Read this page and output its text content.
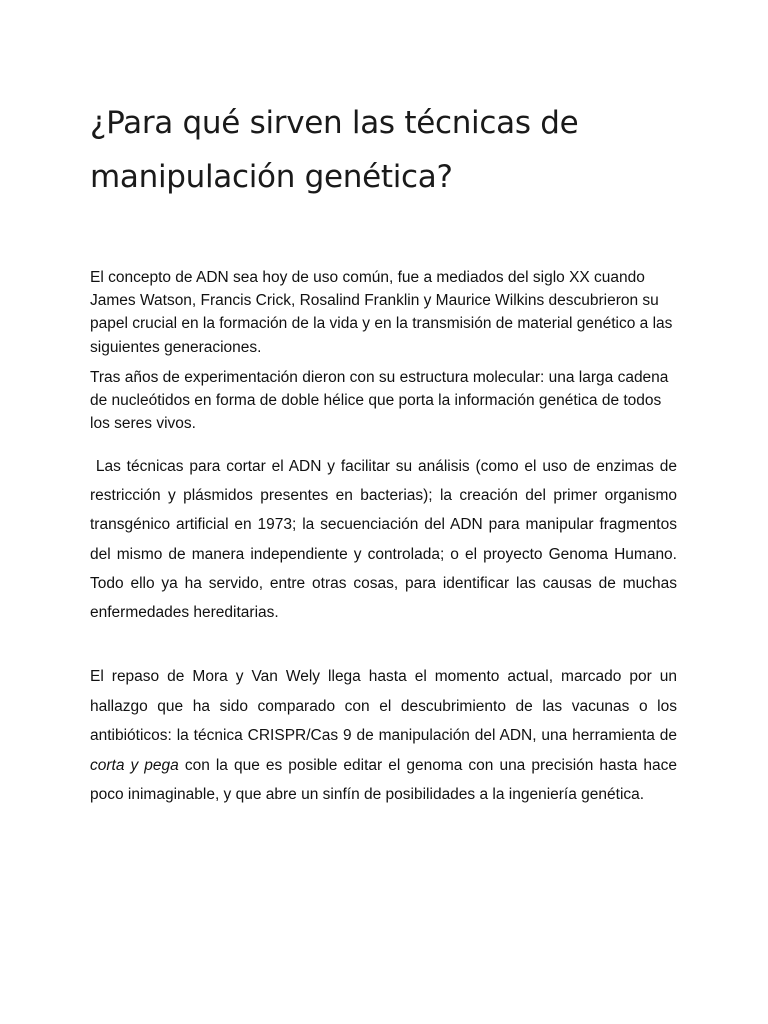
¿Para qué sirven las técnicas de manipulación genética?

El concepto de ADN sea hoy de uso común, fue a mediados del siglo XX cuando James Watson, Francis Crick, Rosalind Franklin y Maurice Wilkins descubrieron su papel crucial en la formación de la vida y en la transmisión de material genético a las siguientes generaciones.

Tras años de experimentación dieron con su estructura molecular: una larga cadena de nucleótidos en forma de doble hélice que porta la información genética de todos los seres vivos.

Las técnicas para cortar el ADN y facilitar su análisis (como el uso de enzimas de restricción y plásmidos presentes en bacterias); la creación del primer organismo transgénico artificial en 1973; la secuenciación del ADN para manipular fragmentos del mismo de manera independiente y controlada; o el proyecto Genoma Humano. Todo ello ya ha servido, entre otras cosas, para identificar las causas de muchas enfermedades hereditarias.

El repaso de Mora y Van Wely llega hasta el momento actual, marcado por un hallazgo que ha sido comparado con el descubrimiento de las vacunas o los antibióticos: la técnica CRISPR/Cas 9 de manipulación del ADN, una herramienta de corta y pega con la que es posible editar el genoma con una precisión hasta hace poco inimaginable, y que abre un sinfín de posibilidades a la ingeniería genética.
